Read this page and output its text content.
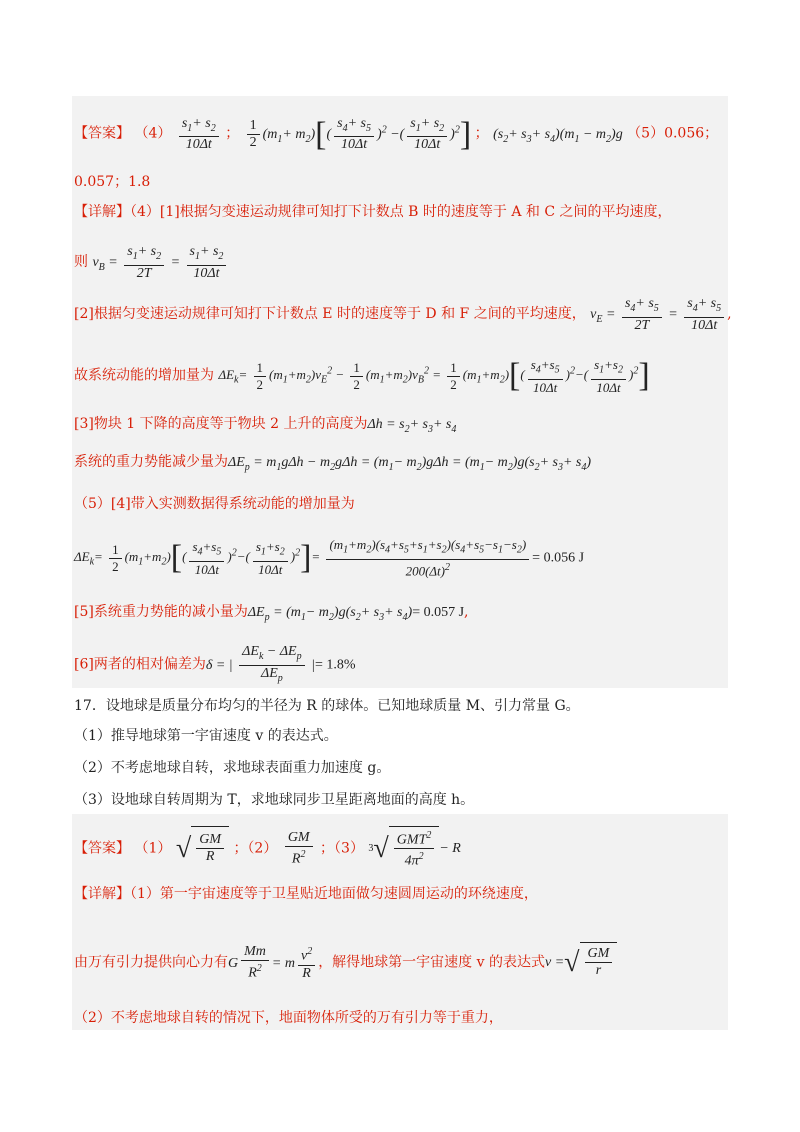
【答案】 $(4) \frac{s_1+ s_2}{10\Delta t}$ ； $\frac{1}{2} (m_1+ m_2)[( \frac{s_4+ s_5}{10\Delta t} )^2$ −( $\frac{s_1+ s_2}{10\Delta t} )^2$] ； $(s_2+ s_3+ s_4)(m_1 - m_2)g$ （5）0.056；
0.057；1.8
【详解】（4）[1]根据匀变速运动规律可知打下计数点 B 时的速度等于 A 和 C 之间的平均速度，
则 $v_B = \frac{s_1+ s_2}{2T} = \frac{s_1+ s_2}{10\Delta t}$
[2]根据匀变速运动规律可知打下计数点 E 时的速度等于 D 和 F 之间的平均速度， $v_E = \frac{s_4+ s_5}{2T} = \frac{s_4+ s_5}{10\Delta t}$ ,
故系统动能的增加量为 $\Delta E_k= \frac{1}{2} (m_1+m_2)v_E^2 - \frac{1}{2} (m_1+m_2)v_B^2 = \frac{1}{2} (m_1+m_2)[( \frac{s_4+s_5}{10\Delta t} )^2-( \frac{s_1+s_2}{10\Delta t} )^2]$
[3]物块 1 下降的高度等于物块 2 上升的高度为$\Delta h = s_2+ s_3+ s_4$
系统的重力势能减少量为$\Delta E_p = m_1g\Delta h - m_2g\Delta h = (m_1- m_2)g\Delta h = (m_1- m_2)g(s_2+ s_3+ s_4)$
（5）[4]带入实测数据得系统动能的增加量为
$\Delta E_k= \frac{1}{2} (m_1+m_2)[( \frac{s_4+s_5}{10\Delta t} )^2-( \frac{s_1+s_2}{10\Delta t} )^2]= \frac{(m_1+m_2)(s_4+s_5+s_1+s_2)(s_4+s_5-s_1-s_2)}{200(\Delta t)^2} = 0.056$ J
[5]系统重力势能的减小量为$\Delta E_p = (m_1- m_2)g(s_2+ s_3+ s_4)= 0.057$ J,
[6]两者的相对偏差为δ = | $\frac{\Delta E_k - \Delta E_p}{\Delta E_p}$ |= 1.8%
17．设地球是质量分布均匀的半径为 R 的球体。已知地球质量 M、引力常量 G。
（1）推导地球第一宇宙速度 v 的表达式。
（2）不考虑地球自转，求地球表面重力加速度 g。
（3）设地球自转周期为 T，求地球同步卫星距离地面的高度 h。
【答案】 （1） √ $\frac{GM}{R}$ ；$(2) \frac{GM}{R^2}$ ；（3） 3 √ $\frac{GMT^2}{4\pi^2} - R$
【详解】（1）第一宇宙速度等于卫星贴近地面做匀速圆周运动的环绕速度，
由万有引力提供向心力有G $\frac{Mm}{R^2} = m \frac{v^2}{R}$ ，解得地球第一宇宙速度 v 的表达式v = √ $\frac{GM}{r}$
（2）不考虑地球自转的情况下，地面物体所受的万有引力等于重力，
